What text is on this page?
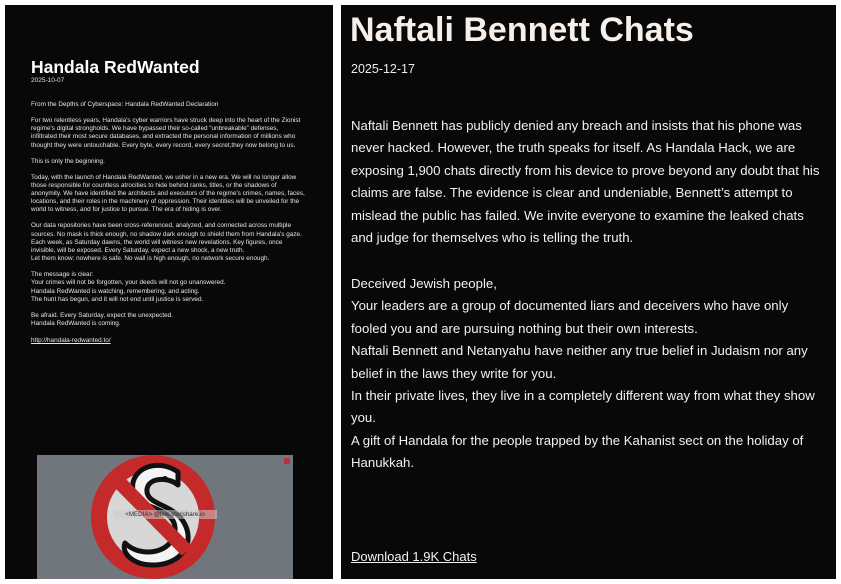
Handala RedWanted
2025-10-07

From the Depths of Cyberspace: Handala RedWanted Declaration

For two relentless years, Handala's cyber warriors have struck deep into the heart of the Zionist regime's digital strongholds. We have bypassed their so-called “unbreakable” defenses, infiltrated their most secure databases, and extracted the personal information of millions who thought they were untouchable. Every byte, every record, every secret,they now belong to us.

This is only the beginning.

Today, with the launch of Handala RedWanted, we usher in a new era. We will no longer allow those responsible for countless atrocities to hide behind ranks, titles, or the shadows of anonymity. We have identified the architects and executors of the regime's crimes, names, faces, locations, and their roles in the machinery of oppression. Their identities will be unveiled for the world to witness, and for justice to pursue. The era of hiding is over.

Our data repositories have been cross-referenced, analyzed, and connected across multiple sources. No mask is thick enough, no shadow dark enough to shield them from Handala's gaze. Each week, as Saturday dawns, the world will witness new revelations. Key figures, once invisible, will be exposed. Every Saturday, expect a new shock, a new truth.
Let them know: nowhere is safe. No wall is high enough, no network secure enough.

The message is clear:
Your crimes will not be forgotten, your deeds will not go unanswered.
Handala RedWanted is watching, remembering, and acting.
The hunt has begun, and it will not end until justice is served.

Be afraid. Every Saturday, expect the unexpected.
Handala RedWanted is coming.

http://handala-redwanted.to/
<MEDIA> @link.storjshare.io
Naftali Bennett Chats
2025-12-17

Naftali Bennett has publicly denied any breach and insists that his phone was never hacked. However, the truth speaks for itself. As Handala Hack, we are exposing 1,900 chats directly from his device to prove beyond any doubt that his claims are false. The evidence is clear and undeniable, Bennett’s attempt to mislead the public has failed. We invite everyone to examine the leaked chats and judge for themselves who is telling the truth.

Deceived Jewish people,
Your leaders are a group of documented liars and deceivers who have only fooled you and are pursuing nothing but their own interests.
Naftali Bennett and Netanyahu have neither any true belief in Judaism nor any belief in the laws they write for you.
In their private lives, they live in a completely different way from what they show you.
A gift of Handala for the people trapped by the Kahanist sect on the holiday of Hanukkah.
Download 1.9K Chats
